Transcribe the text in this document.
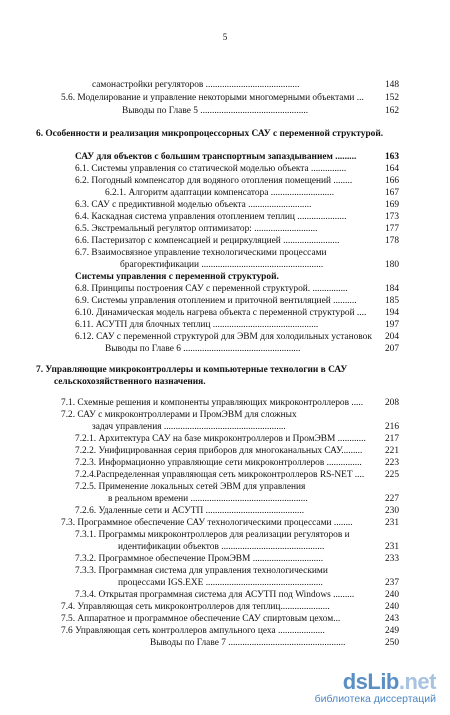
5
самонастройки регуляторов ........................................	148
5.6. Моделирование и управление некоторыми многомерными объектами ... 152
Выводы по Главе 5 ..............................................	162
6. Особенности и реализация микропроцессорных САУ с переменной структурой.
САУ для объектов с большим транспортным запаздыванием .........	163
6.1. Системы управления со статической моделью объекта ...............	164
6.2. Погодный компенсатор для водяного отопления помещений ........	166
6.2.1. Алгоритм адаптации компенсатора ...........................	167
6.3. САУ с предиктивной моделью объекта ...........................	169
6.4. Каскадная система управления отоплением теплиц .....................	173
6.5. Экстремальный регулятор оптимизатор: ...........................	177
6.6. Пастеризатор с компенсацией и рециркуляцией ........................	178
6.7. Взаимосвязное управление технологическими процессами
брагоректификации ....................................................	180
Системы управления с переменной структурой.
6.8. Принципы построения САУ с переменной структурой. ...............	184
6.9. Системы управления отоплением и приточной вентиляцией ..........	185
6.10. Динамическая модель нагрева объекта с переменной структурой .... 194
6.11. АСУТП для блочных теплиц .............................................	197
6.12. САУ с переменной структурой для ЭВМ для холодильных установок 204
Выводы по Главе 6 ..................................................	207
7. Управляющие микроконтроллеры и компьютерные технологии в САУ
сельскохозяйственного назначения.
7.1. Схемные решения и компоненты управляющих микроконтроллеров ..... 208
7.2. САУ с микроконтроллерами и ПромЭВМ для сложных
задач управления ....................................................	216
7.2.1. Архитектура САУ на базе микроконтроллеров и ПромЭВМ ............ 217
7.2.2. Унифицированная серия приборов для многоканальных САУ......... 221
7.2.3. Информационно управляющие сети микроконтроллеров ............... 223
7.2.4.Распределенная управляющая сеть микроконтроллеров RS-NET .... 225
7.2.5. Применение локальных сетей ЭВМ для управления
в реальном времени ..................................................	227
7.2.6. Удаленные сети и АСУТП ..........................................	230
7.3. Программное обеспечение САУ технологическими процессами ........	231
7.3.1. Программы микроконтроллеров для реализации регуляторов и
идентификации объектов ............................................	231
7.3.2. Программное обеспечение ПромЭВМ ..............................	233
7.3.3. Программная система для управления технологическими
процессами IGS.EXE ..................................................	237
7.3.4. Открытая программная система для АСУТП под Windows .........	240
7.4. Управляющая сеть микроконтроллеров для теплиц.....................	240
7.5. Аппаратное и программное обеспечение САУ спиртовым цехом...	243
7.6 Управляющая сеть контроллеров ампульного цеха ....................	249
Выводы по Главе 7 ..................................................	250
dsLib.net
библиотека диссертаций
